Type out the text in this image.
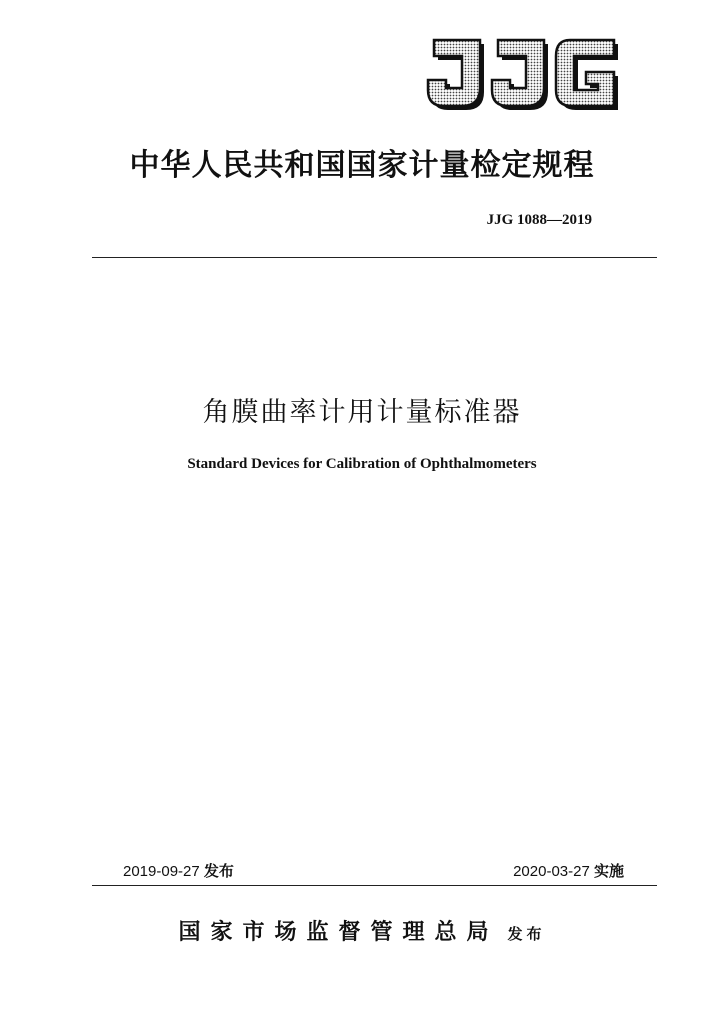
中华人民共和国国家计量检定规程
JJG 1088—2019
角膜曲率计用计量标准器
Standard Devices for Calibration of Ophthalmometers
2019-09-27 发布	2020-03-27 实施
国家市场监督管理总局 发布
